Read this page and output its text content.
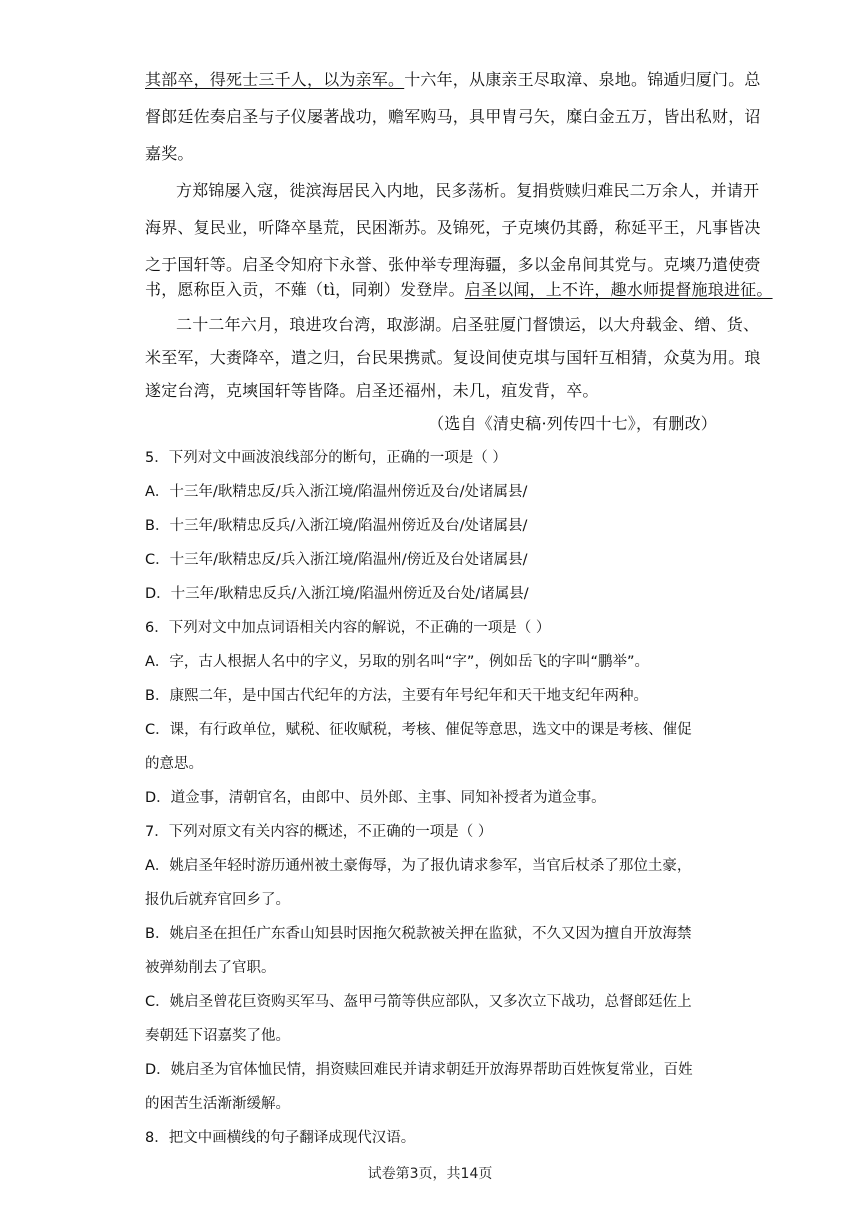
其部卒，得死士三千人，以为亲军。十六年，从康亲王尽取漳、泉地。锦遁归厦门。总
督郎廷佐奏启圣与子仪屡著战功，赡军购马，具甲胄弓矢，糜白金五万，皆出私财，诏
嘉奖。
方郑锦屡入寇，徙滨海居民入内地，民多荡析。复捐赀赎归难民二万余人，并请开
海界、复民业，听降卒垦荒，民困渐苏。及锦死，子克塽仍其爵，称延平王，凡事皆决
之于国轩等。启圣令知府卞永誉、张仲举专理海疆，多以金帛间其党与。克塽乃遣使赍
书，愿称臣入贡，不薙（tì，同剃）发登岸。启圣以闻，上不许，趣水师提督施琅进征。
二十二年六月，琅进攻台湾，取澎湖。启圣驻厦门督馈运，以大舟载金、缯、货、
米至军，大赉降卒，遣之归，台民果携贰。复设间使克㙋与国轩互相猜，众莫为用。琅
遂定台湾，克塽国轩等皆降。启圣还福州，未几，疽发背，卒。
（选自《清史稿·列传四十七》，有删改）
5．下列对文中画波浪线部分的断句，正确的一项是（ ）
A．十三年/耿精忠反/兵入浙江境/陷温州傍近及台/处诸属县/
B．十三年/耿精忠反兵/入浙江境/陷温州傍近及台/处诸属县/
C．十三年/耿精忠反/兵入浙江境/陷温州/傍近及台处诸属县/
D．十三年/耿精忠反兵/入浙江境/陷温州傍近及台处/诸属县/
6．下列对文中加点词语相关内容的解说，不正确的一项是（ ）
A．字，古人根据人名中的字义，另取的别名叫“字”，例如岳飞的字叫“鹏举”。
B．康熙二年，是中国古代纪年的方法，主要有年号纪年和天干地支纪年两种。
C．课，有行政单位，赋税、征收赋税，考核、催促等意思，选文中的课是考核、催促
的意思。
D．道佥事，清朝官名，由郎中、员外郎、主事、同知补授者为道佥事。
7．下列对原文有关内容的概述，不正确的一项是（ ）
A．姚启圣年轻时游历通州被土豪侮辱，为了报仇请求参军，当官后杖杀了那位土豪，
报仇后就弃官回乡了。
B．姚启圣在担任广东香山知县时因拖欠税款被关押在监狱，不久又因为擅自开放海禁
被弹劾削去了官职。
C．姚启圣曾花巨资购买军马、盔甲弓箭等供应部队，又多次立下战功，总督郎廷佐上
奏朝廷下诏嘉奖了他。
D．姚启圣为官体恤民情，捐资赎回难民并请求朝廷开放海界帮助百姓恢复常业，百姓
的困苦生活渐渐缓解。
8．把文中画横线的句子翻译成现代汉语。
试卷第3页，共14页
